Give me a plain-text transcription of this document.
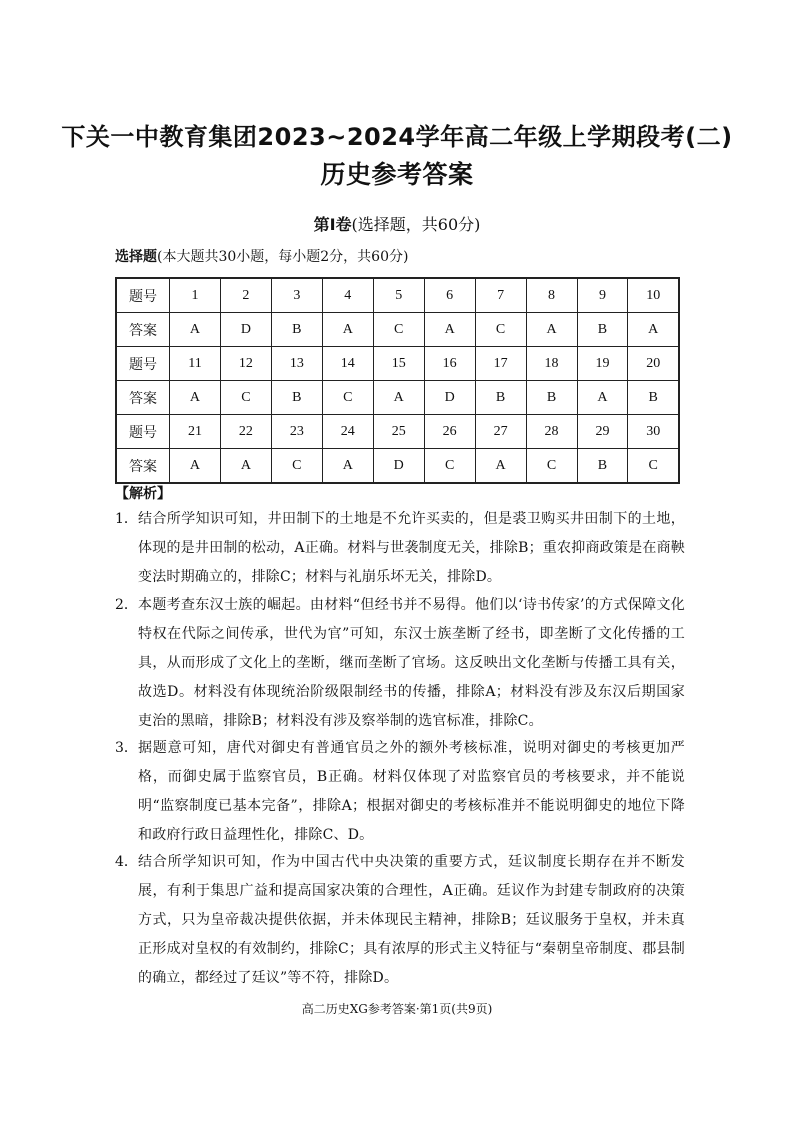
下关一中教育集团2023~2024学年高二年级上学期段考(二)
历史参考答案
第Ⅰ卷(选择题，共60分)
选择题(本大题共30小题，每小题2分，共60分)
题号	1	2	3	4	5	6	7	8	9	10
答案	A	D	B	A	C	A	C	A	B	A
题号	11	12	13	14	15	16	17	18	19	20
答案	A	C	B	C	A	D	B	B	A	B
题号	21	22	23	24	25	26	27	28	29	30
答案	A	A	C	A	D	C	A	C	B	C
【解析】
1． 结合所学知识可知，井田制下的土地是不允许买卖的，但是裘卫购买井田制下的土地，体现的是井田制的松动，A正确。材料与世袭制度无关，排除B；重农抑商政策是在商鞅变法时期确立的，排除C；材料与礼崩乐坏无关，排除D。
2． 本题考查东汉士族的崛起。由材料“但经书并不易得。他们以‘诗书传家’的方式保障文化特权在代际之间传承，世代为官”可知，东汉士族垄断了经书，即垄断了文化传播的工具，从而形成了文化上的垄断，继而垄断了官场。这反映出文化垄断与传播工具有关，故选D。材料没有体现统治阶级限制经书的传播，排除A；材料没有涉及东汉后期国家吏治的黑暗，排除B；材料没有涉及察举制的选官标准，排除C。
3． 据题意可知，唐代对御史有普通官员之外的额外考核标准，说明对御史的考核更加严格，而御史属于监察官员，B正确。材料仅体现了对监察官员的考核要求，并不能说明“监察制度已基本完备”，排除A；根据对御史的考核标准并不能说明御史的地位下降和政府行政日益理性化，排除C、D。
4． 结合所学知识可知，作为中国古代中央决策的重要方式，廷议制度长期存在并不断发展，有利于集思广益和提高国家决策的合理性，A正确。廷议作为封建专制政府的决策方式，只为皇帝裁决提供依据，并未体现民主精神，排除B；廷议服务于皇权，并未真正形成对皇权的有效制约，排除C；具有浓厚的形式主义特征与“秦朝皇帝制度、郡县制的确立，都经过了廷议”等不符，排除D。
高二历史XG参考答案·第1页(共9页)
